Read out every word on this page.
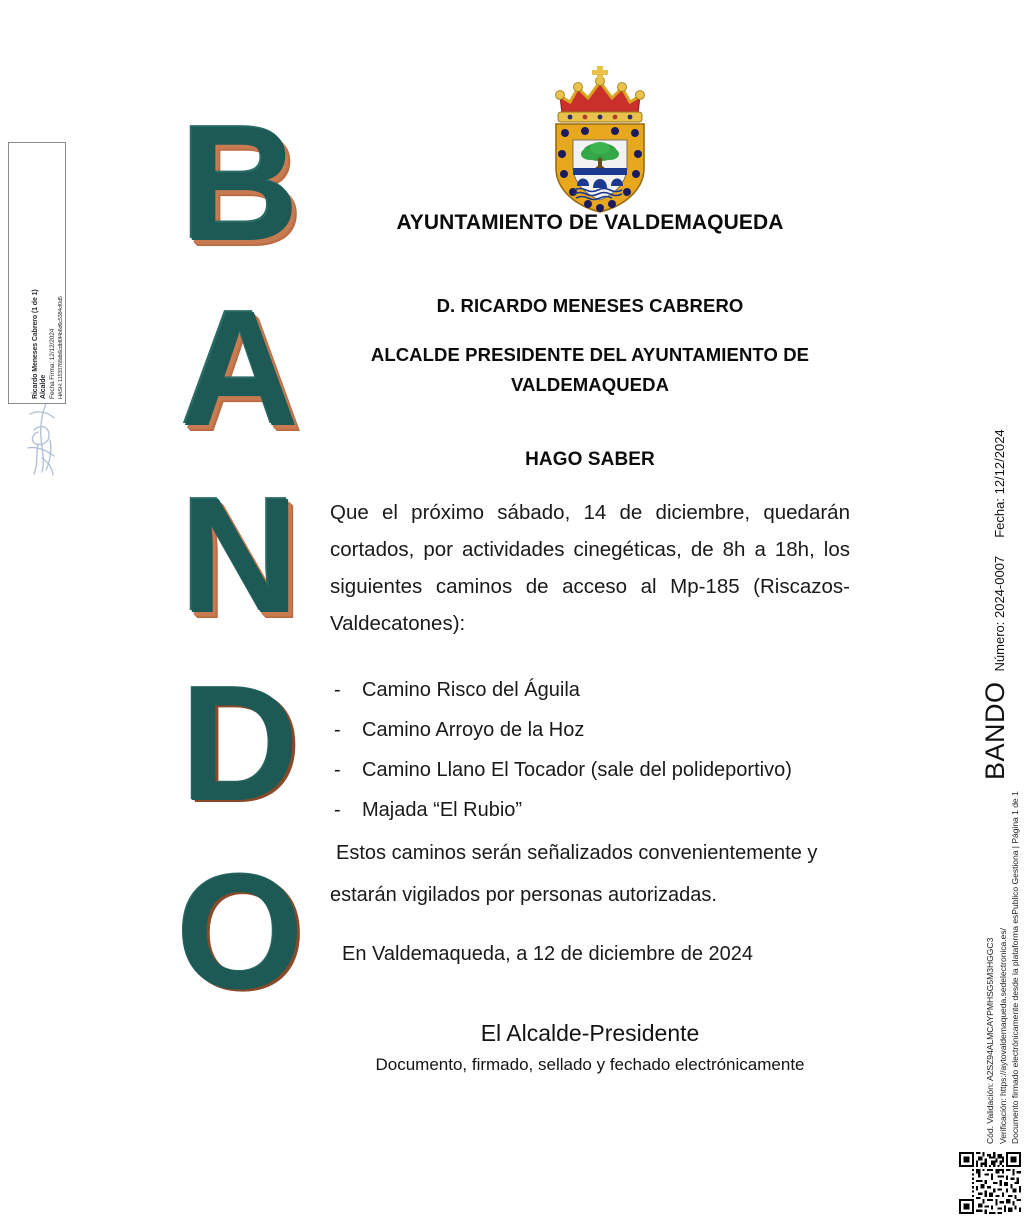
Ricardo Meneses Cabrero (1 de 1) Alcalde Fecha Firma: 12/12/2024 HASH: 11533768db6cdbf0f4b6d6c5384cf0d5
B
A
N
D
O
AYUNTAMIENTO DE VALDEMAQUEDA
D. RICARDO MENESES CABRERO
ALCALDE PRESIDENTE DEL AYUNTAMIENTO DE VALDEMAQUEDA
HAGO SABER

Que el próximo sábado, 14 de diciembre, quedarán cortados, por actividades cinegéticas, de 8h a 18h, los siguientes caminos de acceso al Mp-185 (Riscazos-Valdecatones):

-	Camino Risco del Águila
-	Camino Arroyo de la Hoz
-	Camino Llano El Tocador (sale del polideportivo)
-	Majada “El Rubio”

Estos caminos serán señalizados convenientemente y estarán vigilados por personas autorizadas.

En Valdemaqueda, a 12 de diciembre de 2024

El Alcalde-Presidente
Documento, firmado, sellado y fechado electrónicamente
BANDO
Número: 2024-0007     Fecha: 12/12/2024
Cód. Validación: A2SZ94ALMCAYPMHSG5M3HGGC3 Verificación: https://aytovaldemaqueda.sedelectronica.es/ Documento firmado electrónicamente desde la plataforma esPublico Gestiona | Página 1 de 1
